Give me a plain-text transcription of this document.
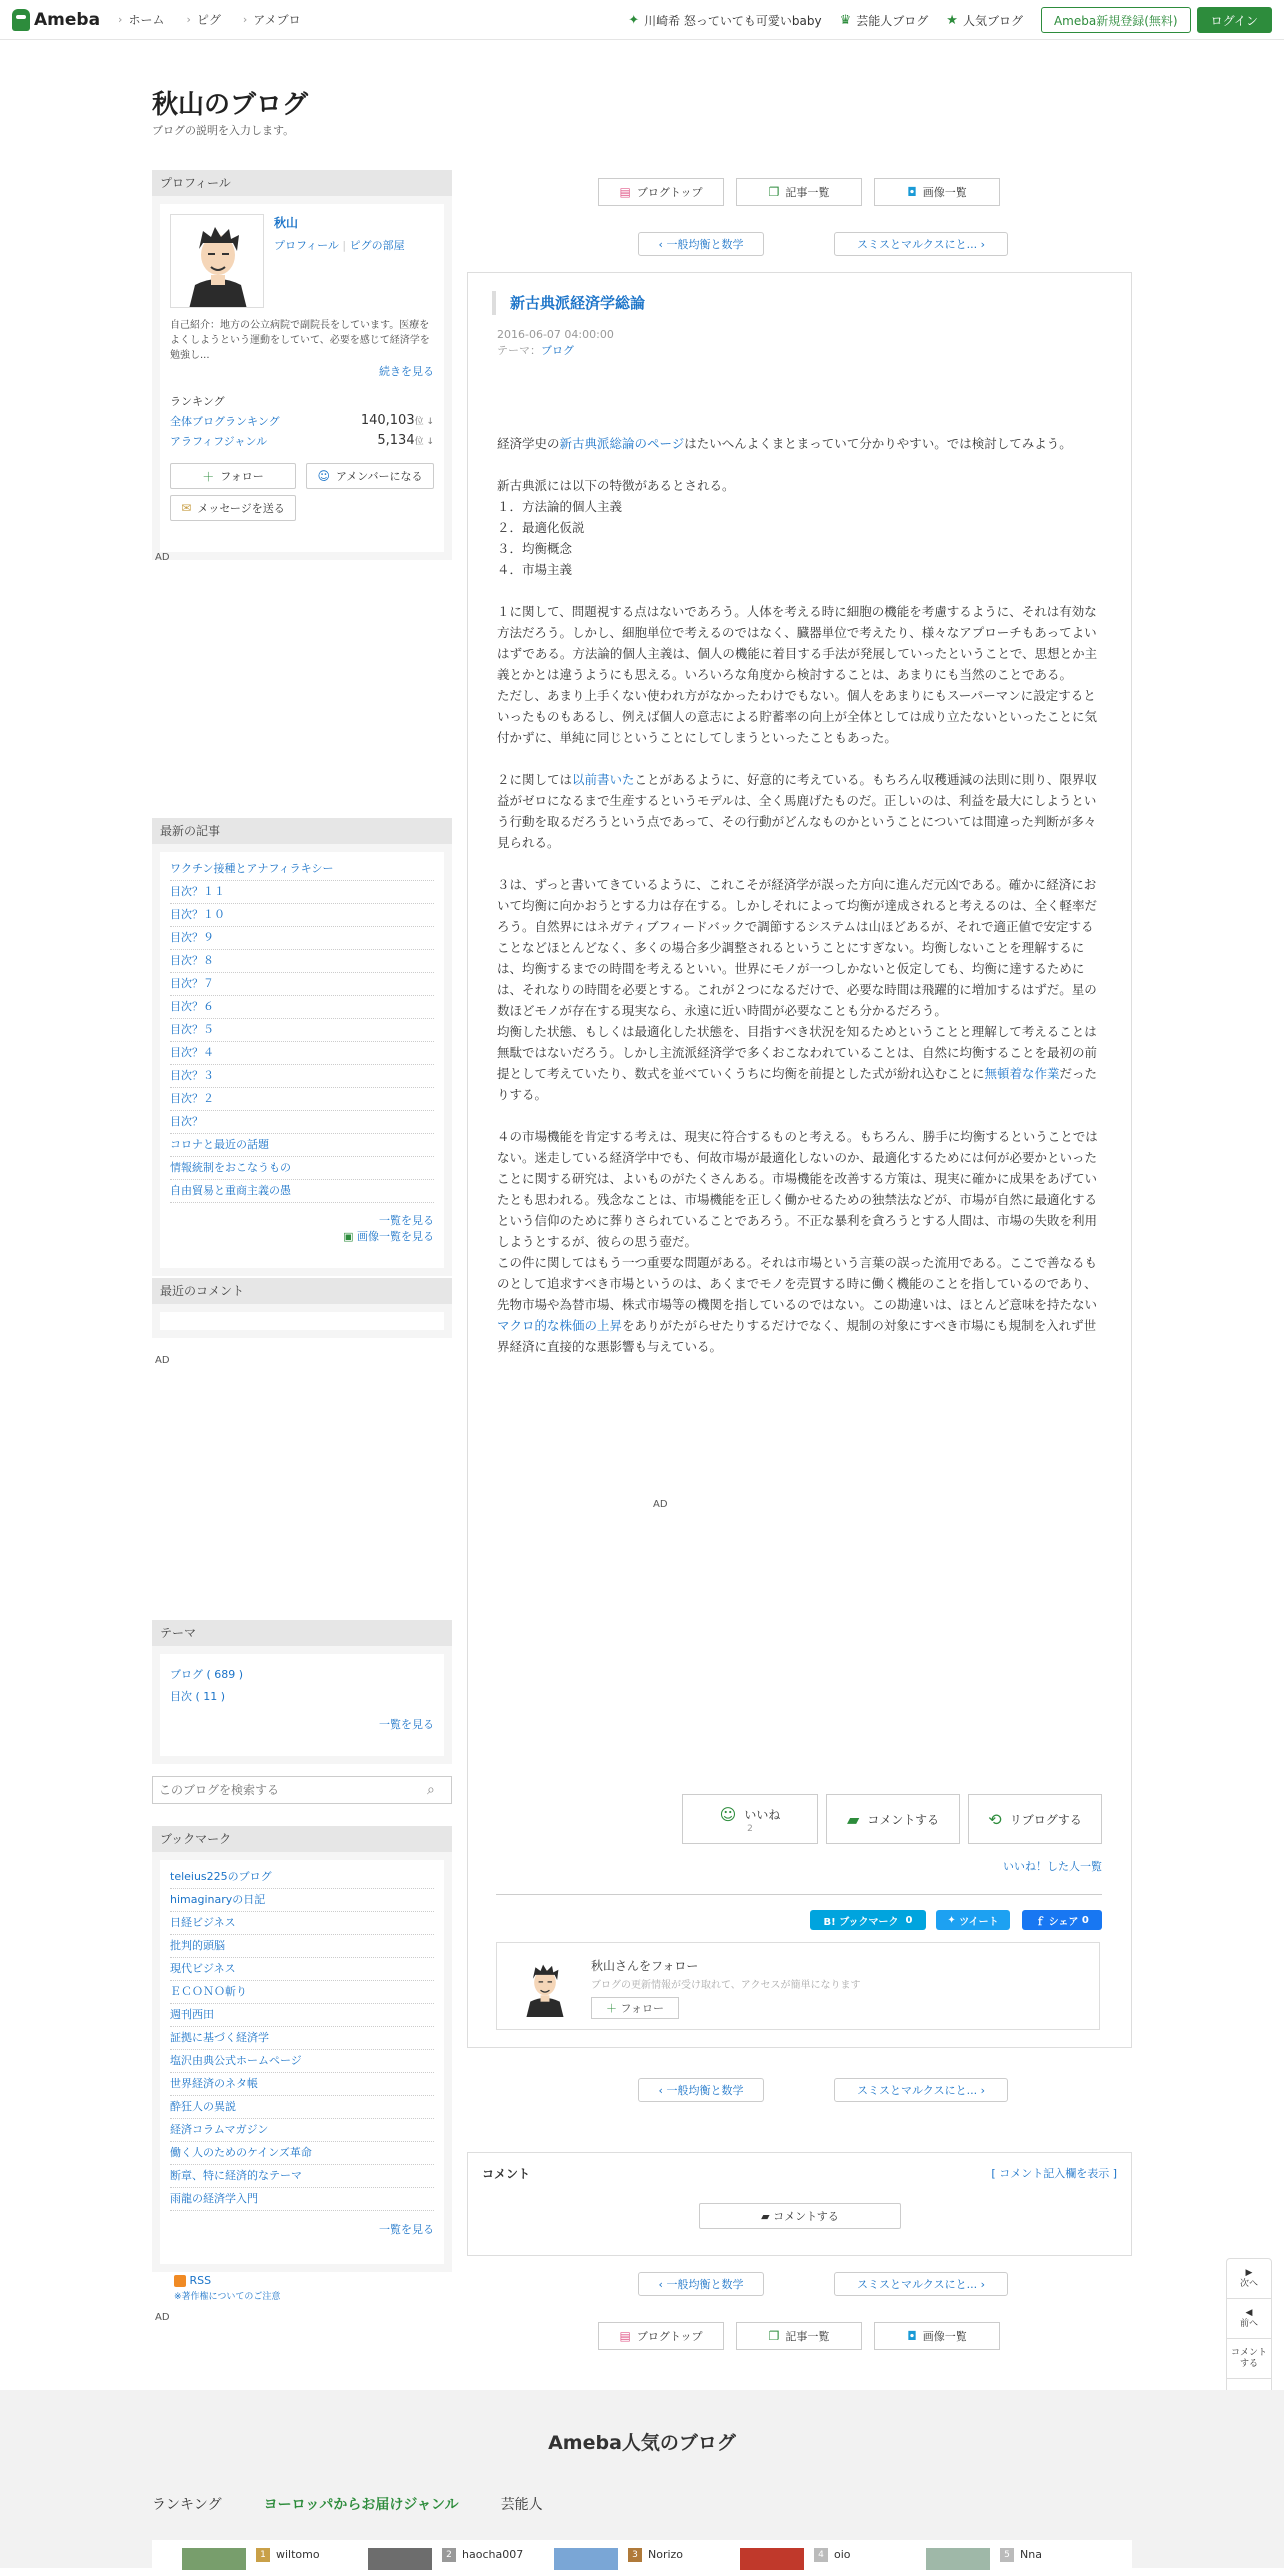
Ameba › ホーム › ピグ › アメブロ	✦ 川崎希 怒っていても可愛いbaby ♛ 芸能人ブログ ★ 人気ブログ	Ameba新規登録(無料)	ログイン
秋山のブログ
ブログの説明を入力します。
プロフィール
秋山
プロフィール | ピグの部屋
自己紹介：地方の公立病院で副院長をしています。医療をよくしようという運動をしていて、必要を感じて経済学を勉強し...
続きを見る
ランキング
全体ブログランキング	140,103位 ↓
アラフィフジャンル	5,134位 ↓
＋ フォロー	☺ アメンバーになる
✉ メッセージを送る
AD
最新の記事
ワクチン接種とアナフィラキシー
目次？１１
目次？１０
目次？９
目次？８
目次？７
目次？６
目次？５
目次？４
目次？３
目次？２
目次？
コロナと最近の話題
情報統制をおこなうもの
自由貿易と重商主義の愚
一覧を見る
▣ 画像一覧を見る
最近のコメント
AD
テーマ
ブログ ( 689 )
目次 ( 11 )
一覧を見る
このブログを検索する
⌕
ブックマーク
teleius225のブログ
himaginaryの日記
日経ビジネス
批判的頭脳
現代ビジネス
ＥＣＯＮＯ斬り
週刊西田
証拠に基づく経済学
塩沢由典公式ホームページ
世界経済のネタ帳
酔狂人の異説
経済コラムマガジン
働く人のためのケインズ革命
断章、特に経済的なテーマ
雨龍の経済学入門
一覧を見る
RSS
※著作権についてのご注意
AD
▤ ブログトップ	❐ 記事一覧	◘ 画像一覧
‹
一般均衡と数学	スミスとマルクスにと...
›
新古典派経済学総論
2016-06-07 04:00:00
テーマ：ブログ

経済学史の新古典派総論のページはたいへんよくまとまっていて分かりやすい。では検討してみよう。

新古典派には以下の特徴があるとされる。
１．方法論的個人主義
２．最適化仮説
３．均衡概念
４．市場主義

１に関して、問題視する点はないであろう。人体を考える時に細胞の機能を考慮するように、それは有効な方法だろう。しかし、細胞単位で考えるのではなく、臓器単位で考えたり、様々なアプローチもあってよいはずである。方法論的個人主義は、個人の機能に着目する手法が発展していったということで、思想とか主義とかとは違うようにも思える。いろいろな角度から検討することは、あまりにも当然のことである。
ただし、あまり上手くない使われ方がなかったわけでもない。個人をあまりにもスーパーマンに設定するといったものもあるし、例えば個人の意志による貯蓄率の向上が全体としては成り立たないといったことに気付かずに、単純に同じということにしてしまうといったこともあった。

２に関しては以前書いたことがあるように、好意的に考えている。もちろん収穫逓減の法則に則り、限界収益がゼロになるまで生産するというモデルは、全く馬鹿げたものだ。正しいのは、利益を最大にしようという行動を取るだろうという点であって、その行動がどんなものかということについては間違った判断が多々見られる。

３は、ずっと書いてきているように、これこそが経済学が誤った方向に進んだ元凶である。確かに経済において均衡に向かおうとする力は存在する。しかしそれによって均衡が達成されると考えるのは、全く軽率だろう。自然界にはネガティブフィードバックで調節するシステムは山ほどあるが、それで適正値で安定することなどほとんどなく、多くの場合多少調整されるということにすぎない。均衡しないことを理解するには、均衡するまでの時間を考えるといい。世界にモノが一つしかないと仮定しても、均衡に達するためには、それなりの時間を必要とする。これが２つになるだけで、必要な時間は飛躍的に増加するはずだ。星の数ほどモノが存在する現実なら、永遠に近い時間が必要なことも分かるだろう。
均衡した状態、もしくは最適化した状態を、目指すべき状況を知るためということと理解して考えることは無駄ではないだろう。しかし主流派経済学で多くおこなわれていることは、自然に均衡することを最初の前提として考えていたり、数式を並べていくうちに均衡を前提とした式が紛れ込むことに無頓着な作業だったりする。

４の市場機能を肯定する考えは、現実に符合するものと考える。もちろん、勝手に均衡するということではない。迷走している経済学中でも、何故市場が最適化しないのか、最適化するためには何が必要かといったことに関する研究は、よいものがたくさんある。市場機能を改善する方策は、現実に確かに成果をあげていたとも思われる。残念なことは、市場機能を正しく働かせるための独禁法などが、市場が自然に最適化するという信仰のために葬りさられていることであろう。不正な暴利を貪ろうとする人間は、市場の失敗を利用しようとするが、彼らの思う壺だ。
この件に関してはもう一つ重要な問題がある。それは市場という言葉の誤った流用である。ここで善なるものとして追求すべき市場というのは、あくまでモノを売買する時に働く機能のことを指しているのであり、先物市場や為替市場、株式市場等の機関を指しているのではない。この勘違いは、ほとんど意味を持たないマクロ的な株価の上昇をありがたがらせたりするだけでなく、規制の対象にすべき市場にも規制を入れず世界経済に直接的な悪影響も与えている。

AD
☺ いいね
2	▰ コメントする	⟲ リブログする
いいね！した人一覧
B! ブックマーク
0	✦
ツイート	ｆ
シェア
0
秋山さんをフォロー
ブログの更新情報が受け取れて、アクセスが簡単になります
＋
フォロー
‹
一般均衡と数学	スミスとマルクスにと...
›
コメント	[ コメント記入欄を表示 ]
▰
コメントする
‹
一般均衡と数学	スミスとマルクスにと...
›
▤ ブログトップ	❐ 記事一覧	◘ 画像一覧
▶
次へ
◀
前へ
コメントする
Ameba人気のブログ
ランキング	ヨーロッパからお届けジャンル	芸能人
1 wiltomo	2 haocha007	3 Norizo	4 oio	5 Nna
